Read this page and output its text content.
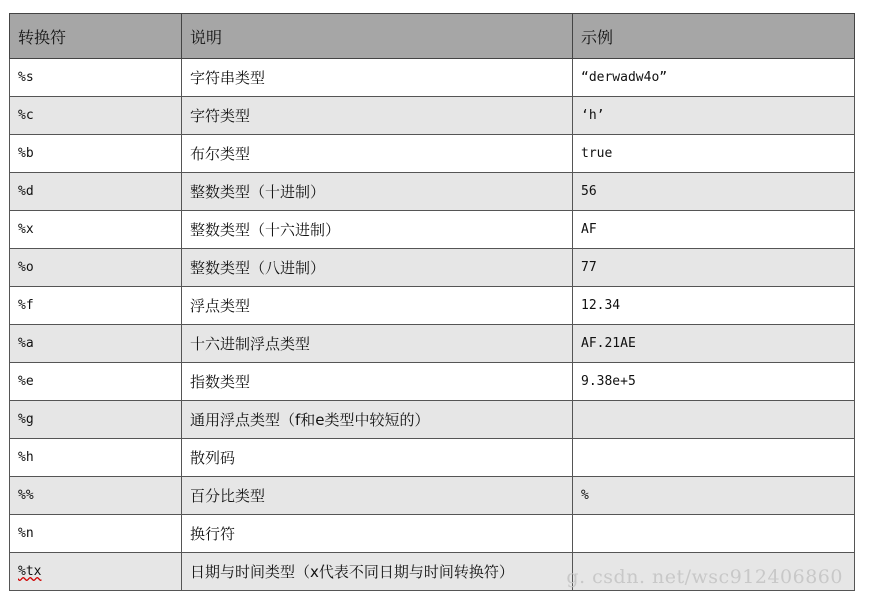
转换符	说明	示例
%s	字符串类型	“derwadw4o”
%c	字符类型	‘h’
%b	布尔类型	true
%d	整数类型（十进制）	56
%x	整数类型（十六进制）	AF
%o	整数类型（八进制）	77
%f	浮点类型	12.34
%a	十六进制浮点类型	AF.21AE
%e	指数类型	9.38e+5
%g	通用浮点类型（f和e类型中较短的）	
%h	散列码	
%%	百分比类型	%
%n	换行符	
%tx	日期与时间类型（x代表不同日期与时间转换符）		g. csdn. net/wsc912406860
